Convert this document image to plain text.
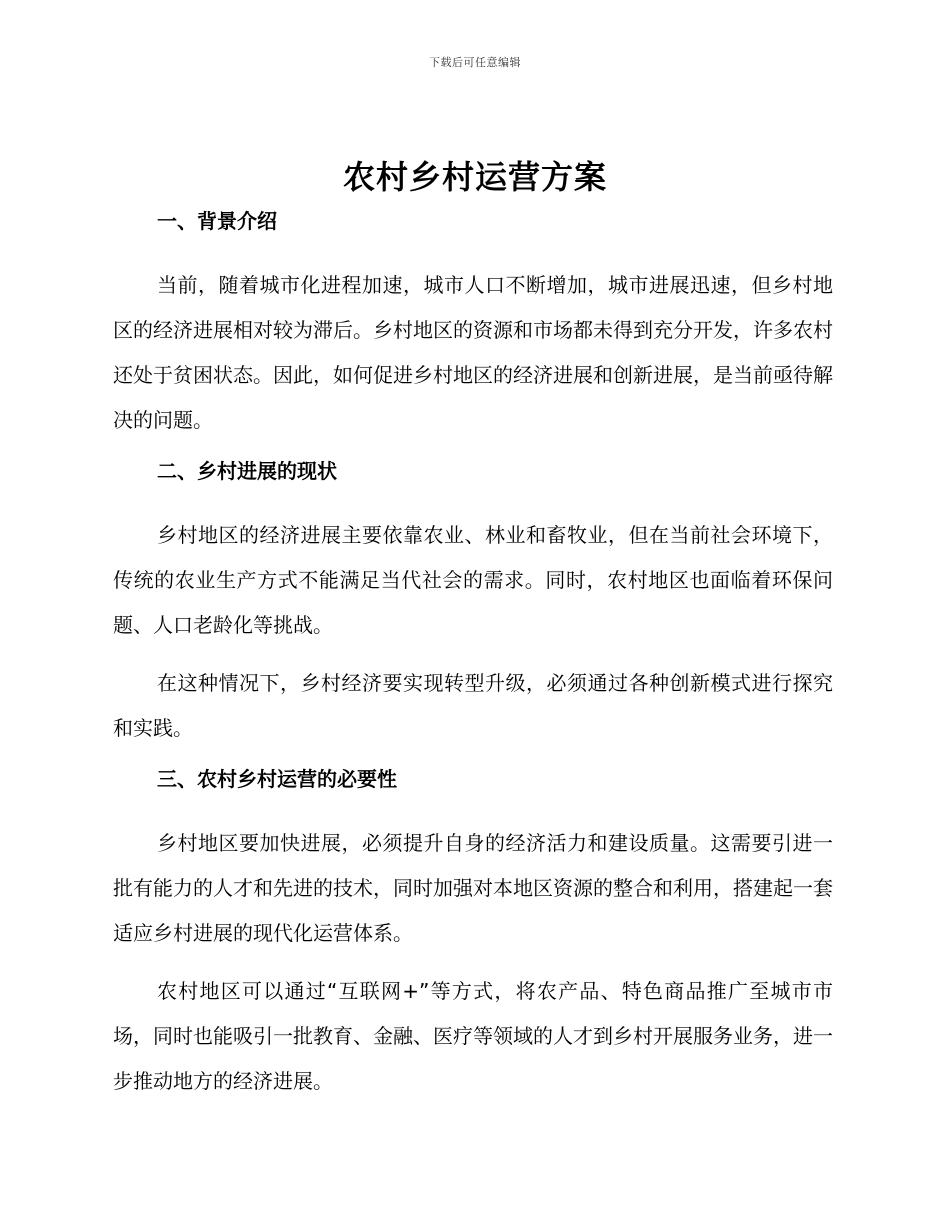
下载后可任意编辑
农村乡村运营方案
一、背景介绍

当前，随着城市化进程加速，城市人口不断增加，城市进展迅速，但乡村地区的经济进展相对较为滞后。乡村地区的资源和市场都未得到充分开发，许多农村还处于贫困状态。因此，如何促进乡村地区的经济进展和创新进展，是当前亟待解决的问题。

二、乡村进展的现状

乡村地区的经济进展主要依靠农业、林业和畜牧业，但在当前社会环境下，传统的农业生产方式不能满足当代社会的需求。同时，农村地区也面临着环保问题、人口老龄化等挑战。

在这种情况下，乡村经济要实现转型升级，必须通过各种创新模式进行探究和实践。

三、农村乡村运营的必要性

乡村地区要加快进展，必须提升自身的经济活力和建设质量。这需要引进一批有能力的人才和先进的技术，同时加强对本地区资源的整合和利用，搭建起一套适应乡村进展的现代化运营体系。

农村地区可以通过“互联网+”等方式，将农产品、特色商品推广至城市市场，同时也能吸引一批教育、金融、医疗等领域的人才到乡村开展服务业务，进一步推动地方的经济进展。
